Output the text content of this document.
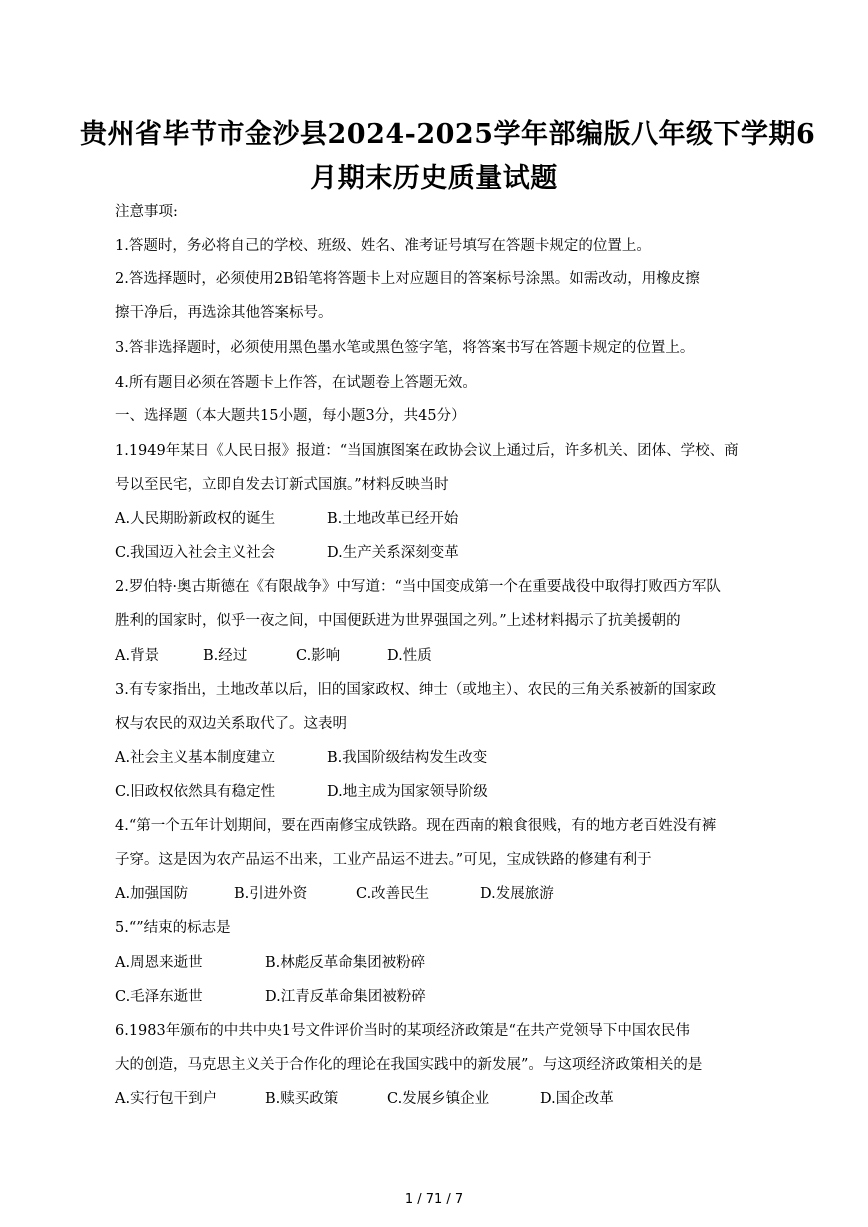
贵州省毕节市金沙县2024-2025学年部编版八年级下学期6
月期末历史质量试题
注意事项:
1.答题时，务必将自己的学校、班级、姓名、准考证号填写在答题卡规定的位置上。
2.答选择题时，必须使用2B铅笔将答题卡上对应题目的答案标号涂黑。如需改动，用橡皮擦
擦干净后，再选涂其他答案标号。
3.答非选择题时，必须使用黑色墨水笔或黑色签字笔，将答案书写在答题卡规定的位置上。
4.所有题目必须在答题卡上作答，在试题卷上答题无效。
一、选择题（本大题共15小题，每小题3分，共45分）
1.1949年某日《人民日报》报道：“当国旗图案在政协会议上通过后，许多机关、团体、学校、商
号以至民宅，立即自发去订新式国旗。”材料反映当时
A.人民期盼新政权的诞生	B.土地改革已经开始
C.我国迈入社会主义社会	D.生产关系深刻变革
2.罗伯特·奥古斯德在《有限战争》中写道：“当中国变成第一个在重要战役中取得打败西方军队
胜利的国家时，似乎一夜之间，中国便跃进为世界强国之列。”上述材料揭示了抗美援朝的
A.背景	B.经过	C.影响	D.性质
3.有专家指出，土地改革以后，旧的国家政权、绅士（或地主）、农民的三角关系被新的国家政
权与农民的双边关系取代了。这表明
A.社会主义基本制度建立	B.我国阶级结构发生改变
C.旧政权依然具有稳定性	D.地主成为国家领导阶级
4.“第一个五年计划期间，要在西南修宝成铁路。现在西南的粮食很贱，有的地方老百姓没有裤
子穿。这是因为农产品运不出来，工业产品运不进去。”可见，宝成铁路的修建有利于
A.加强国防	B.引进外资	C.改善民生	D.发展旅游
5.“”结束的标志是
A.周恩来逝世	B.林彪反革命集团被粉碎
C.毛泽东逝世	D.江青反革命集团被粉碎
6.1983年颁布的中共中央1号文件评价当时的某项经济政策是“在共产党领导下中国农民伟
大的创造，马克思主义关于合作化的理论在我国实践中的新发展”。与这项经济政策相关的是
A.实行包干到户	B.赎买政策	C.发展乡镇企业	D.国企改革
1 / 71 / 7
